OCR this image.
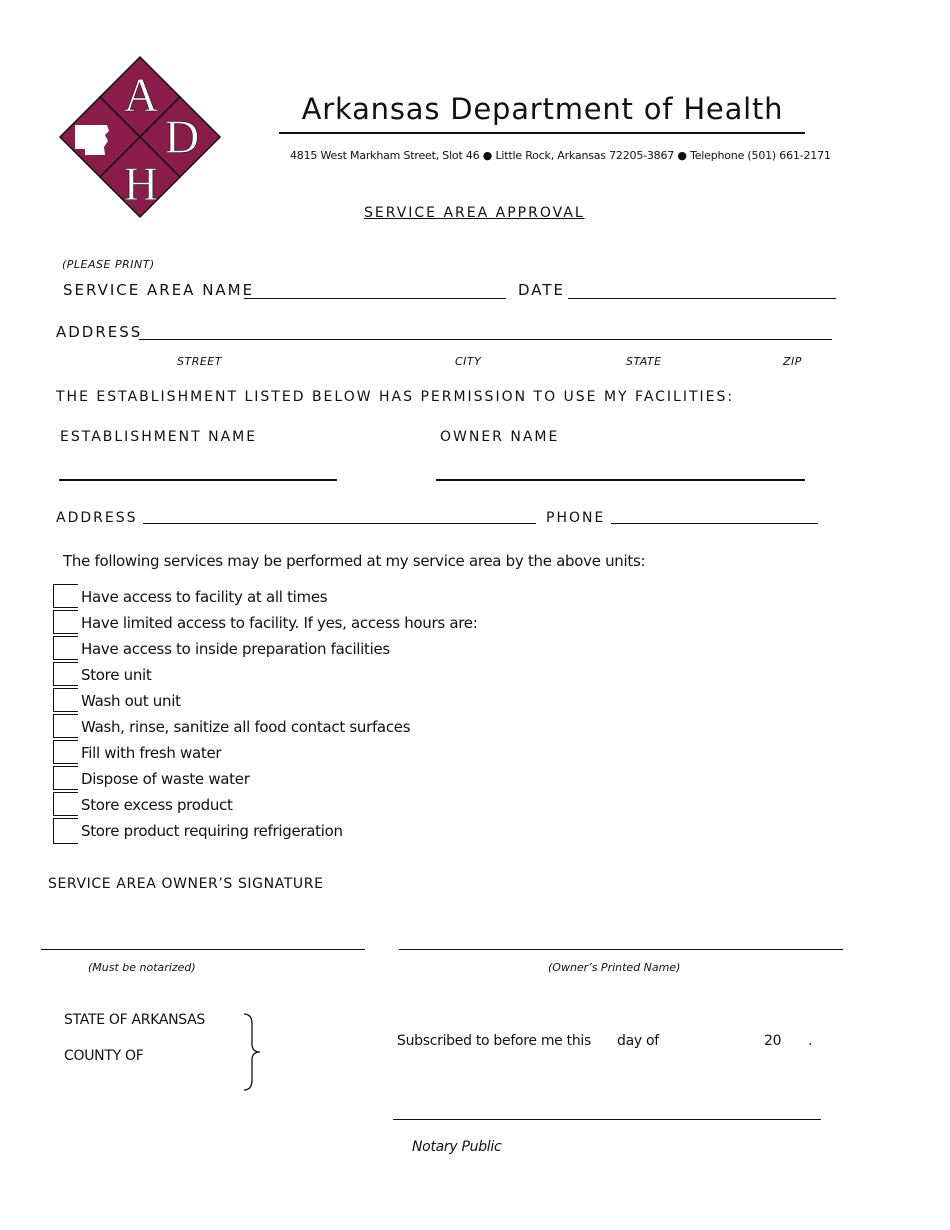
A
D
H
Arkansas Department of Health
4815 West Markham Street, Slot 46 ● Little Rock, Arkansas 72205-3867 ● Telephone (501) 661-2171
SERVICE AREA APPROVAL
(PLEASE PRINT)
SERVICE AREA NAME	DATE
ADDRESS
STREET	CITY	STATE	ZIP
THE ESTABLISHMENT LISTED BELOW HAS PERMISSION TO USE MY FACILITIES:
ESTABLISHMENT NAME	OWNER NAME
ADDRESS	PHONE
The following services may be performed at my service area by the above units:
Have access to facility at all times
Have limited access to facility. If yes, access hours are:
Have access to inside preparation facilities
Store unit
Wash out unit
Wash, rinse, sanitize all food contact surfaces
Fill with fresh water
Dispose of waste water
Store excess product
Store product requiring refrigeration
SERVICE AREA OWNER’S SIGNATURE
(Must be notarized)	(Owner’s Printed Name)
STATE OF ARKANSAS
COUNTY OF
Subscribed to before me this day of	20 .
Notary Public
